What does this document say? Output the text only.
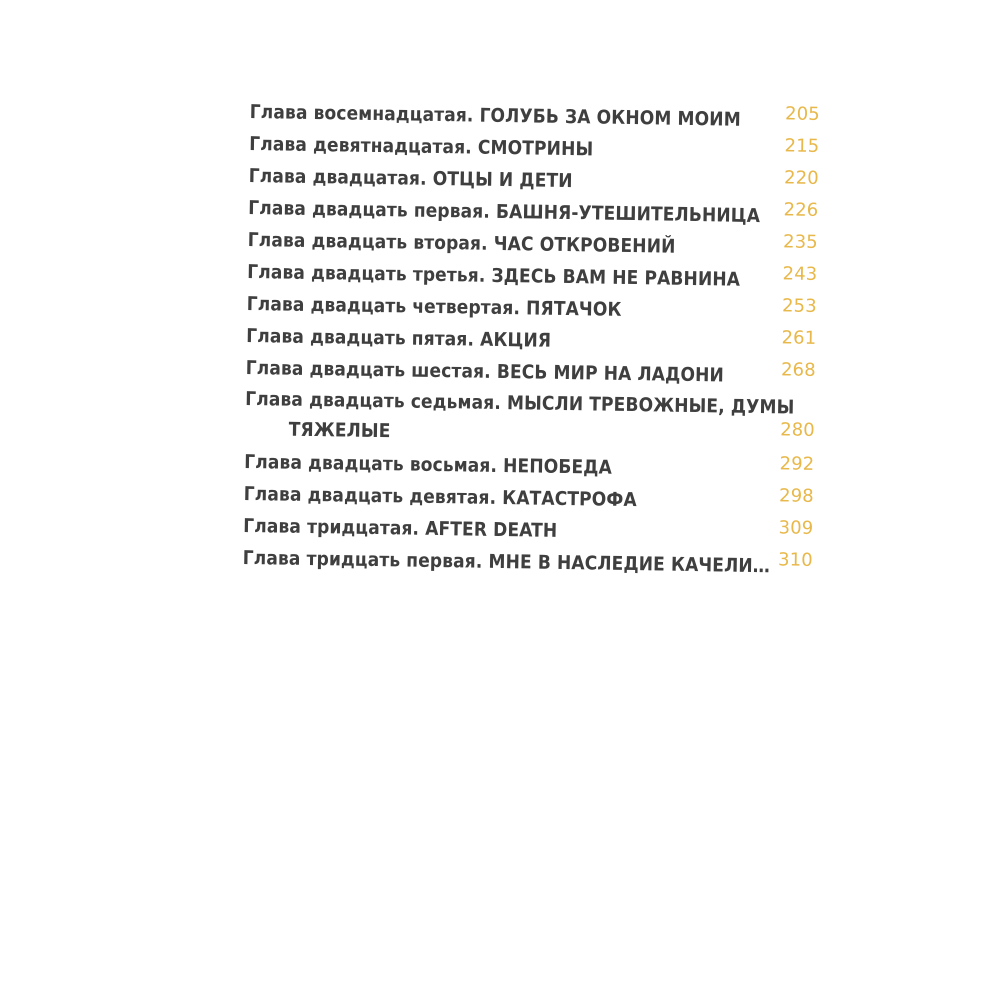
Глава восемнадцатая. ГОЛУБЬ ЗА ОКНОМ МОИМ 205
Глава девятнадцатая. СМОТРИНЫ	215
Глава двадцатая. ОТЦЫ И ДЕТИ	220
Глава двадцать первая. БАШНЯ-УТЕШИТЕЛЬНИЦА 226
Глава двадцать вторая. ЧАС ОТКРОВЕНИЙ	235
Глава двадцать третья. ЗДЕСЬ ВАМ НЕ РАВНИНА 243
Глава двадцать четвертая. ПЯТАЧОК	253
Глава двадцать пятая. АКЦИЯ	261
Глава двадцать шестая. ВЕСЬ МИР НА ЛАДОНИ	268
Глава двадцать седьмая. МЫСЛИ ТРЕВОЖНЫЕ, ДУМЫ
ТЯЖЕЛЫЕ	280
Глава двадцать восьмая. НЕПОБЕДА	292
Глава двадцать девятая. КАТАСТРОФА	298
Глава тридцатая. AFTER DEATH	309
Глава тридцать первая. МНЕ В НАСЛЕДИЕ КАЧЕЛИ… 310
